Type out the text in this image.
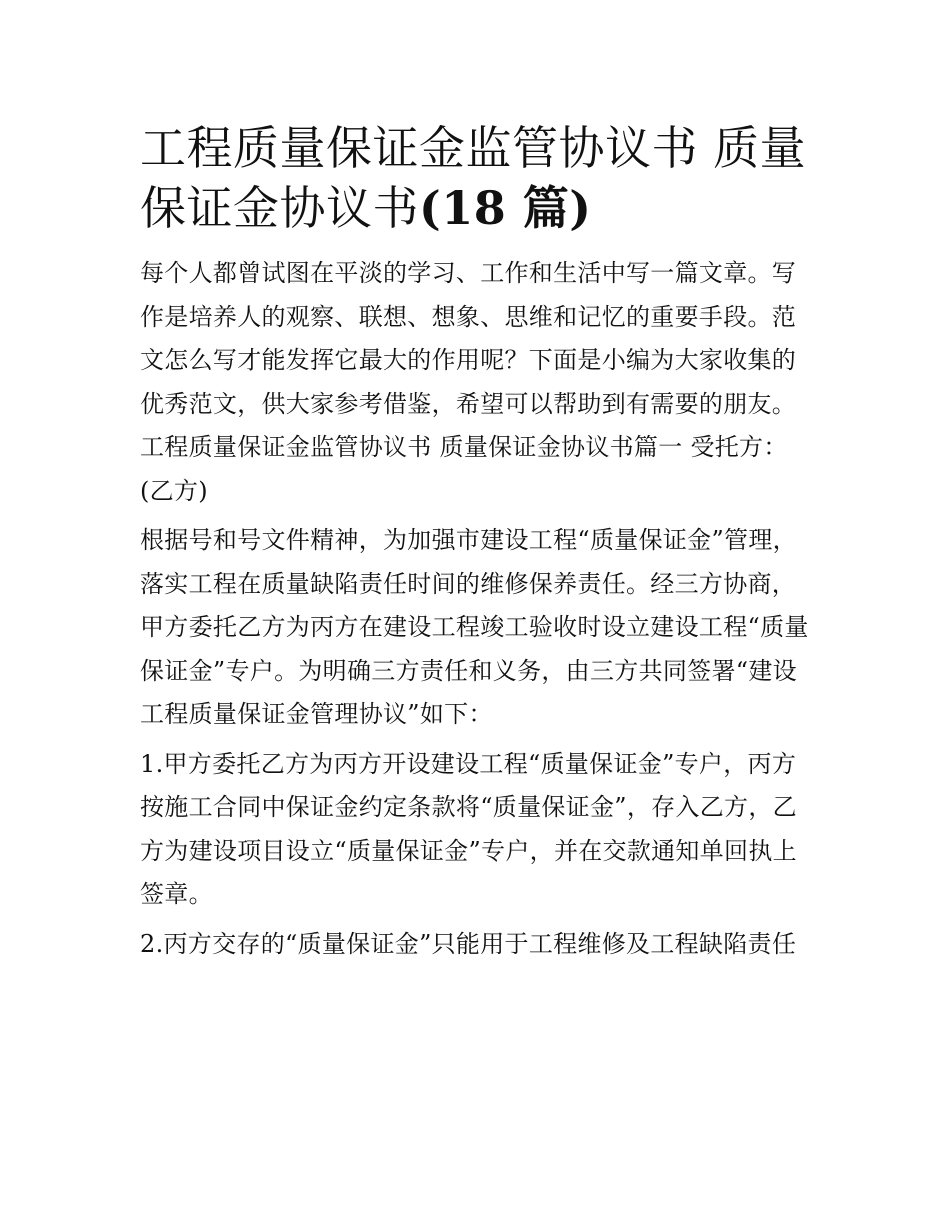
工程质量保证金监管协议书 质量保证金协议书(18 篇)

每个人都曾试图在平淡的学习、工作和生活中写一篇文章。写作是培养人的观察、联想、想象、思维和记忆的重要手段。范文怎么写才能发挥它最大的作用呢？下面是小编为大家收集的优秀范文，供大家参考借鉴，希望可以帮助到有需要的朋友。

工程质量保证金监管协议书 质量保证金协议书篇一 受托方：(乙方)

根据号和号文件精神，为加强市建设工程“质量保证金”管理，落实工程在质量缺陷责任时间的维修保养责任。经三方协商，甲方委托乙方为丙方在建设工程竣工验收时设立建设工程“质量保证金”专户。为明确三方责任和义务，由三方共同签署“建设工程质量保证金管理协议”如下：

1.甲方委托乙方为丙方开设建设工程“质量保证金”专户，丙方按施工合同中保证金约定条款将“质量保证金”，存入乙方，乙方为建设项目设立“质量保证金”专户，并在交款通知单回执上签章。

2.丙方交存的“质量保证金”只能用于工程维修及工程缺陷责任
